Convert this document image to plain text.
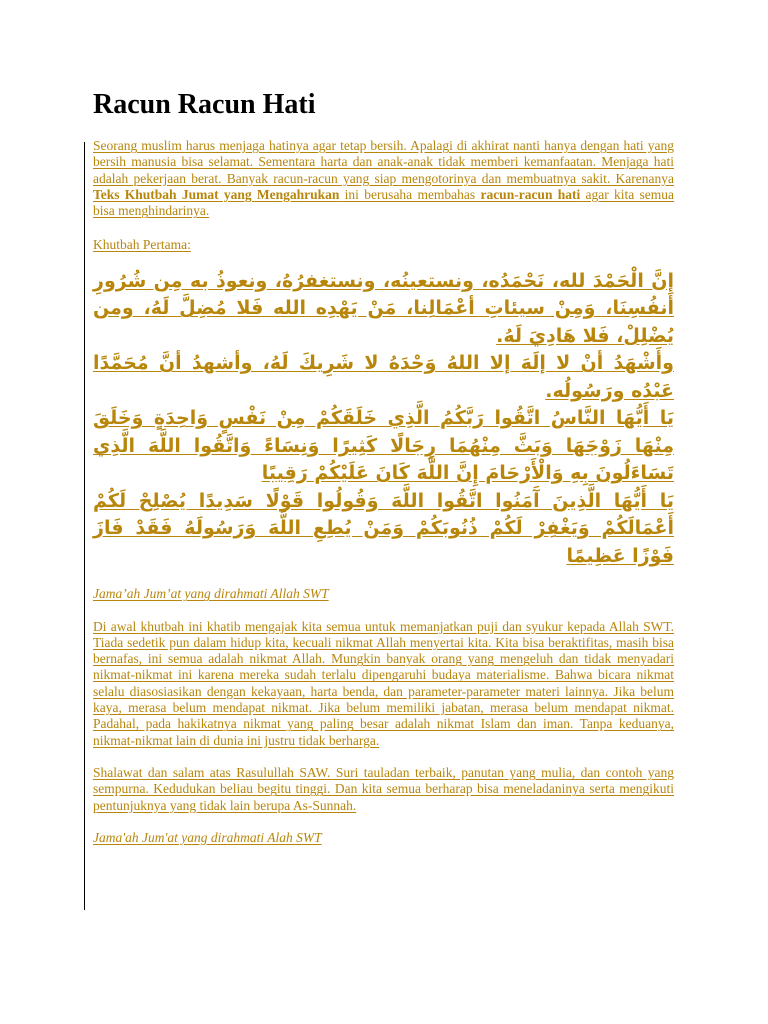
Racun Racun Hati

Seorang muslim harus menjaga hatinya agar tetap bersih. Apalagi di akhirat nanti hanya dengan hati yang bersih manusia bisa selamat. Sementara harta dan anak-anak tidak memberi kemanfaatan. Menjaga hati adalah pekerjaan berat. Banyak racun-racun yang siap mengotorinya dan membuatnya sakit. Karenanya Teks Khutbah Jumat yang Mengahrukan ini berusaha membahas racun-racun hati agar kita semua bisa menghindarinya.

Khutbah Pertama:

إِنَّ الْحَمْدَ لله، نَحْمَدُه، ونستعينُه، ونستغفرُهُ، ونعوذُ به مِن شُرُورِ أنفُسِنَا، وَمِنْ سيئاتِ أعْمَالِنا، مَنْ يَهْدِه الله فَلا مُضِلَّ لَهُ، ومن يُضْلِلْ، فَلا هَادِيَ لَهُ.

وأَشْهَدُ أنْ لا إلَهَ إلا اللهُ وَحْدَهُ لا شَرِيكَ لَهُ، وأشهدُ أنَّ مُحَمَّدًا عَبْدُه ورَسُولُه.

يَا أَيُّهَا النَّاسُ اتَّقُوا رَبَّكُمُ الَّذِي خَلَقَكُمْ مِنْ نَفْسٍ وَاحِدَةٍ وَخَلَقَ مِنْهَا زَوْجَهَا وَبَثَّ مِنْهُمَا رِجَالًا كَثِيرًا وَنِسَاءً وَاتَّقُوا اللَّهَ الَّذِي تَسَاءَلُونَ بِهِ وَالْأَرْحَامَ إِنَّ اللَّهَ كَانَ عَلَيْكُمْ رَقِيبًا

يَا أَيُّهَا الَّذِينَ آَمَنُوا اتَّقُوا اللَّهَ وَقُولُوا قَوْلًا سَدِيدًا يُصْلِحْ لَكُمْ أَعْمَالَكُمْ وَيَغْفِرْ لَكُمْ ذُنُوبَكُمْ وَمَنْ يُطِعِ اللَّهَ وَرَسُولَهُ فَقَدْ فَازَ فَوْزًا عَظِيمًا

Jama’ah Jum’at yang dirahmati Allah SWT

Di awal khutbah ini khatib mengajak kita semua untuk memanjatkan puji dan syukur kepada Allah SWT. Tiada sedetik pun dalam hidup kita, kecuali nikmat Allah menyertai kita. Kita bisa beraktifitas, masih bisa bernafas, ini semua adalah nikmat Allah. Mungkin banyak orang yang mengeluh dan tidak menyadari nikmat-nikmat ini karena mereka sudah terlalu dipengaruhi budaya materialisme. Bahwa bicara nikmat selalu diasosiasikan dengan kekayaan, harta benda, dan parameter-parameter materi lainnya. Jika belum kaya, merasa belum mendapat nikmat. Jika belum memiliki jabatan, merasa belum mendapat nikmat. Padahal, pada hakikatnya nikmat yang paling besar adalah nikmat Islam dan iman. Tanpa keduanya, nikmat-nikmat lain di dunia ini justru tidak berharga.

Shalawat dan salam atas Rasulullah SAW. Suri tauladan terbaik, panutan yang mulia, dan contoh yang sempurna. Kedudukan beliau begitu tinggi. Dan kita semua berharap bisa meneladaninya serta mengikuti pentunjuknya yang tidak lain berupa As-Sunnah.

Jama'ah Jum'at yang dirahmati Alah SWT
